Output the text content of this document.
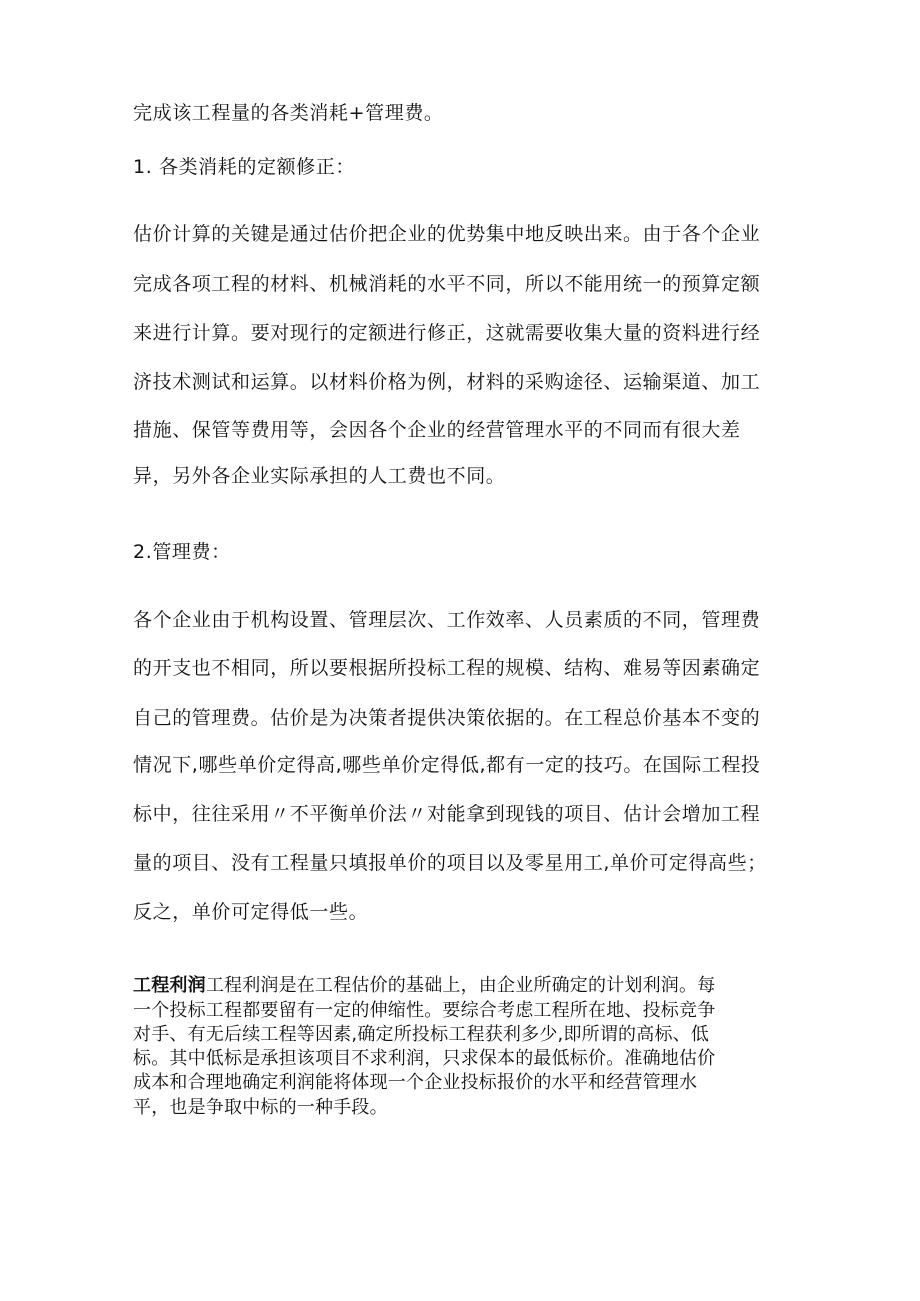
完成该工程量的各类消耗+管理费。
1. 各类消耗的定额修正：
估价计算的关键是通过估价把企业的优势集中地反映出来。由于各个企业
完成各项工程的材料、机械消耗的水平不同，所以不能用统一的预算定额
来进行计算。要对现行的定额进行修正，这就需要收集大量的资料进行经
济技术测试和运算。以材料价格为例，材料的采购途径、运输渠道、加工
措施、保管等费用等，会因各个企业的经营管理水平的不同而有很大差
异，另外各企业实际承担的人工费也不同。
2.管理费：
各个企业由于机构设置、管理层次、工作效率、人员素质的不同，管理费
的开支也不相同，所以要根据所投标工程的规模、结构、难易等因素确定
自己的管理费。估价是为决策者提供决策依据的。在工程总价基本不变的
情况下,哪些单价定得高,哪些单价定得低,都有一定的技巧。在国际工程投
标中，往往采用〃不平衡单价法〃对能拿到现钱的项目、估计会增加工程
量的项目、没有工程量只填报单价的项目以及零星用工,单价可定得高些；
反之，单价可定得低一些。
工程利润工程利润是在工程估价的基础上，由企业所确定的计划利润。每
一个投标工程都要留有一定的伸缩性。要综合考虑工程所在地、投标竞争
对手、有无后续工程等因素,确定所投标工程获利多少,即所谓的高标、低
标。其中低标是承担该项目不求利润，只求保本的最低标价。准确地估价
成本和合理地确定利润能将体现一个企业投标报价的水平和经营管理水
平，也是争取中标的一种手段。
